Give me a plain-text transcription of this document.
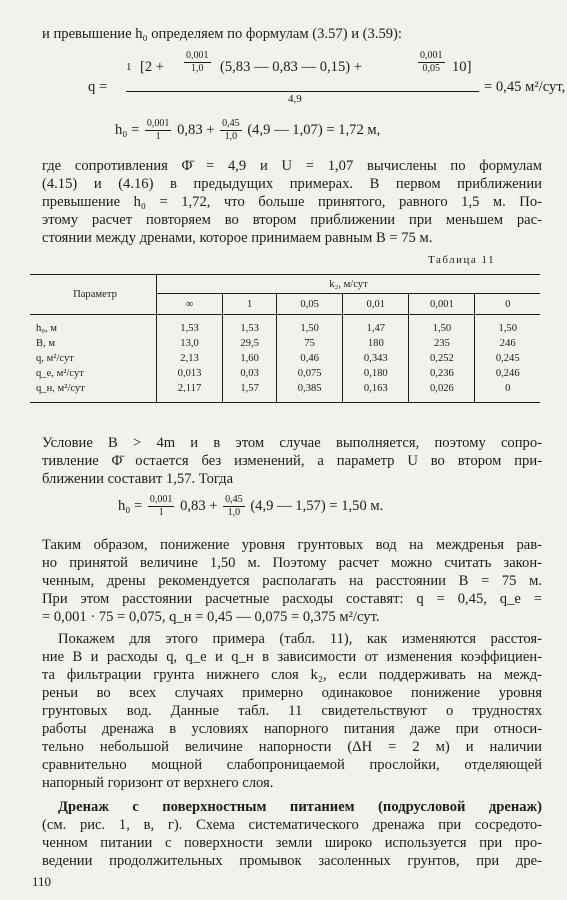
и превышение h₀ определяем по формулам (3.57) и (3.59):
q =
1 [$2 + \frac{0,001}{1,0} (5,83$ — 0,83 — 0,15) +	$\frac{0,001}{0,05} 10$]
4,9
= 0,45 м²/сут,
$h_0 = \frac{0,001}{1} 0,83 + \frac{0,45}{1,0} (4,9$ — 1,07) = 1,72 м,
где сопротивления Φ̄ = 4,9 и U = 1,07 вычислены по формулам
(4.15) и (4.16) в предыдущих примерах. В первом приближении
превышение h₀ = 1,72, что больше принятого, равного 1,5 м. По-
этому расчет повторяем во втором приближении при меньшем рас-
стоянии между дренами, которое принимаем равным B = 75 м.
Таблица 11
Параметр	k₂, м/сут					
	∞	1	0,05	0,01	0,001	0
h₀, м	1,53	1,53	1,50	1,47	1,50	1,50
B, м	13,0	29,5	75	180	235	246
q, м²/сут	2,13	1,60	0,46	0,343	0,252	0,245
q_e, м²/сут	0,013	0,03	0,075	0,180	0,236	0,246
q_н, м²/сут	2,117	1,57	0,385	0,163	0,026	0
Условие B > 4m и в этом случае выполняется, поэтому сопро-
тивление Φ̄ остается без изменений, а параметр U во втором при-
ближении составит 1,57. Тогда
$h_0 = \frac{0,001}{1} 0,83 + \frac{0,45}{1,0} (4,9$ — 1,57) = 1,50 м.
Таким образом, понижение уровня грунтовых вод на междренья рав-
но принятой величине 1,50 м. Поэтому расчет можно считать закон-
ченным, дрены рекомендуется располагать на расстоянии B = 75 м.
При этом расстоянии расчетные расходы составят: q = 0,45, q_e =
= 0,001 · 75 = 0,075, q_н = 0,45 — 0,075 = 0,375 м²/сут.
Покажем для этого примера (табл. 11), как изменяются расстоя-
ние B и расходы q, q_e и q_н в зависимости от изменения коэффициен-
та фильтрации грунта нижнего слоя k₂, если поддерживать на межд-
реньи во всех случаях примерно одинаковое понижение уровня
грунтовых вод. Данные табл. 11 свидетельствуют о трудностях
работы дренажа в условиях напорного питания даже при относи-
тельно небольшой величине напорности (ΔH = 2 м) и наличии
сравнительно мощной слабопроницаемой прослойки, отделяющей
напорный горизонт от верхнего слоя.
Дренаж с поверхностным питанием (подрусловой дренаж)
(см. рис. 1, в, г). Схема систематического дренажа при сосредото-
ченном питании с поверхности земли широко используется при про-
ведении продолжительных промывок засоленных грунтов, при дре-
110
